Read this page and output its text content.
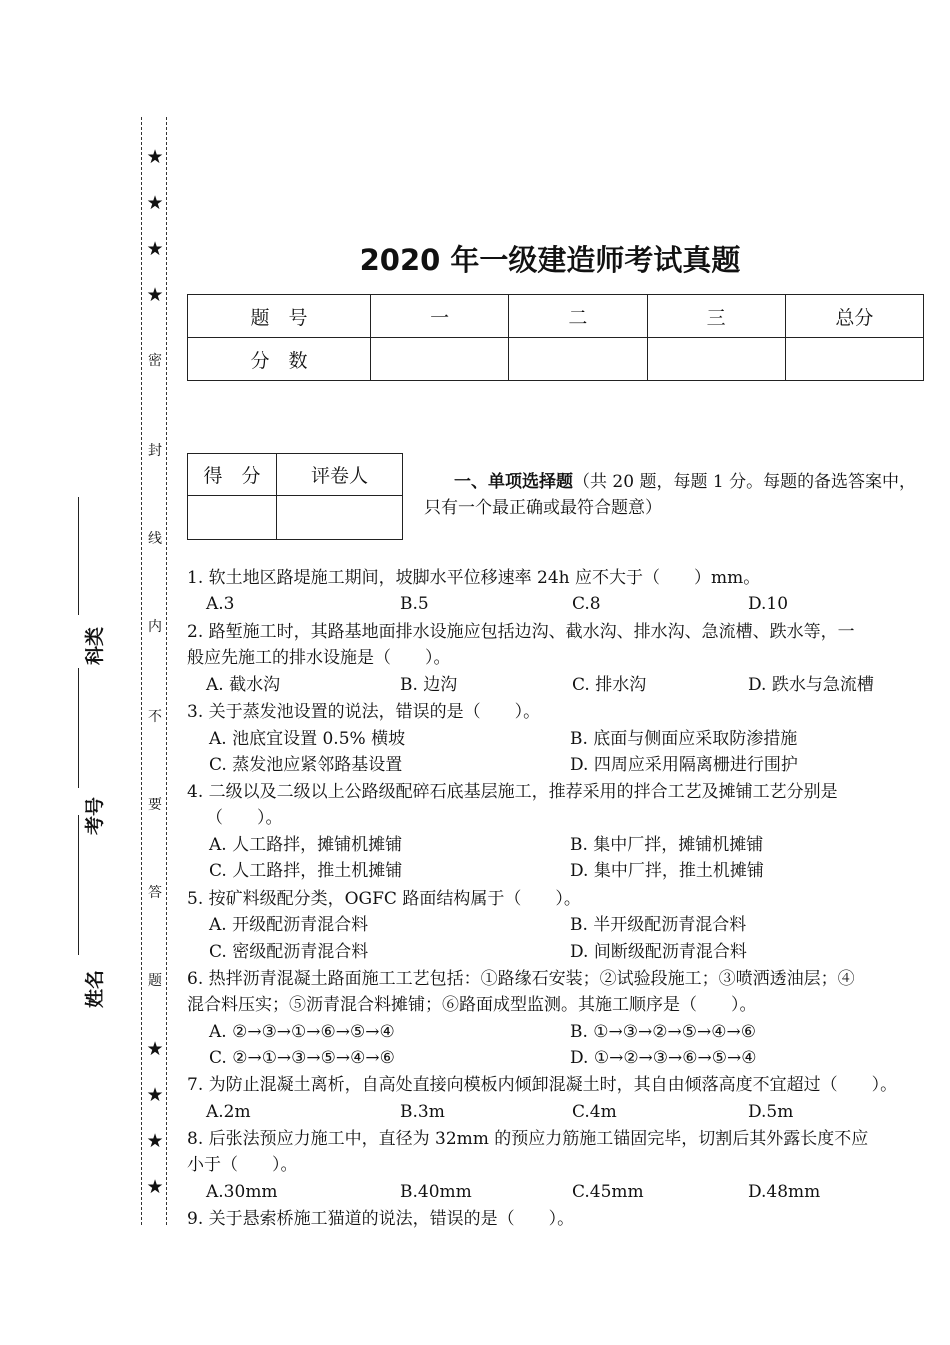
★
★
★
★
密
封
线
内
不
要
答
题
★
★
★
★
姓名
考号
科类
2020 年一级建造师考试真题
题　号	一	二	三	总分
分　数				
得　分	评卷人
		一、单项选择题（共 20 题，每题 1 分。每题的备选答案中，
只有一个最正确或最符合题意）
1. 软土地区路堤施工期间，坡脚水平位移速率 24h 应不大于（　　）mm。
A.3	B.5	C.8	D.10
2. 路堑施工时，其路基地面排水设施应包括边沟、截水沟、排水沟、急流槽、跌水等，一
般应先施工的排水设施是（　　）。
A. 截水沟	B. 边沟	C. 排水沟	D. 跌水与急流槽
3. 关于蒸发池设置的说法，错误的是（　　）。
A. 池底宜设置 0.5% 横坡	B. 底面与侧面应采取防渗措施
C. 蒸发池应紧邻路基设置	D. 四周应采用隔离栅进行围护
4. 二级以及二级以上公路级配碎石底基层施工，推荐采用的拌合工艺及摊铺工艺分别是
（　　）。
A. 人工路拌，摊铺机摊铺	B. 集中厂拌，摊铺机摊铺
C. 人工路拌，推土机摊铺	D. 集中厂拌，推土机摊铺
5. 按矿料级配分类，OGFC 路面结构属于（　　）。
A. 开级配沥青混合料	B. 半开级配沥青混合料
C. 密级配沥青混合料	D. 间断级配沥青混合料
6. 热拌沥青混凝土路面施工工艺包括：①路缘石安装；②试验段施工；③喷洒透油层；④
混合料压实；⑤沥青混合料摊铺；⑥路面成型监测。其施工顺序是（　　）。
A. ②→③→①→⑥→⑤→④	B. ①→③→②→⑤→④→⑥
C. ②→①→③→⑤→④→⑥	D. ①→②→③→⑥→⑤→④
7. 为防止混凝土离析，自高处直接向模板内倾卸混凝土时，其自由倾落高度不宜超过（　　）。
A.2m	B.3m	C.4m	D.5m
8. 后张法预应力施工中，直径为 32mm 的预应力筋施工锚固完毕，切割后其外露长度不应
小于（　　）。
A.30mm	B.40mm	C.45mm	D.48mm
9. 关于悬索桥施工猫道的说法，错误的是（　　）。
